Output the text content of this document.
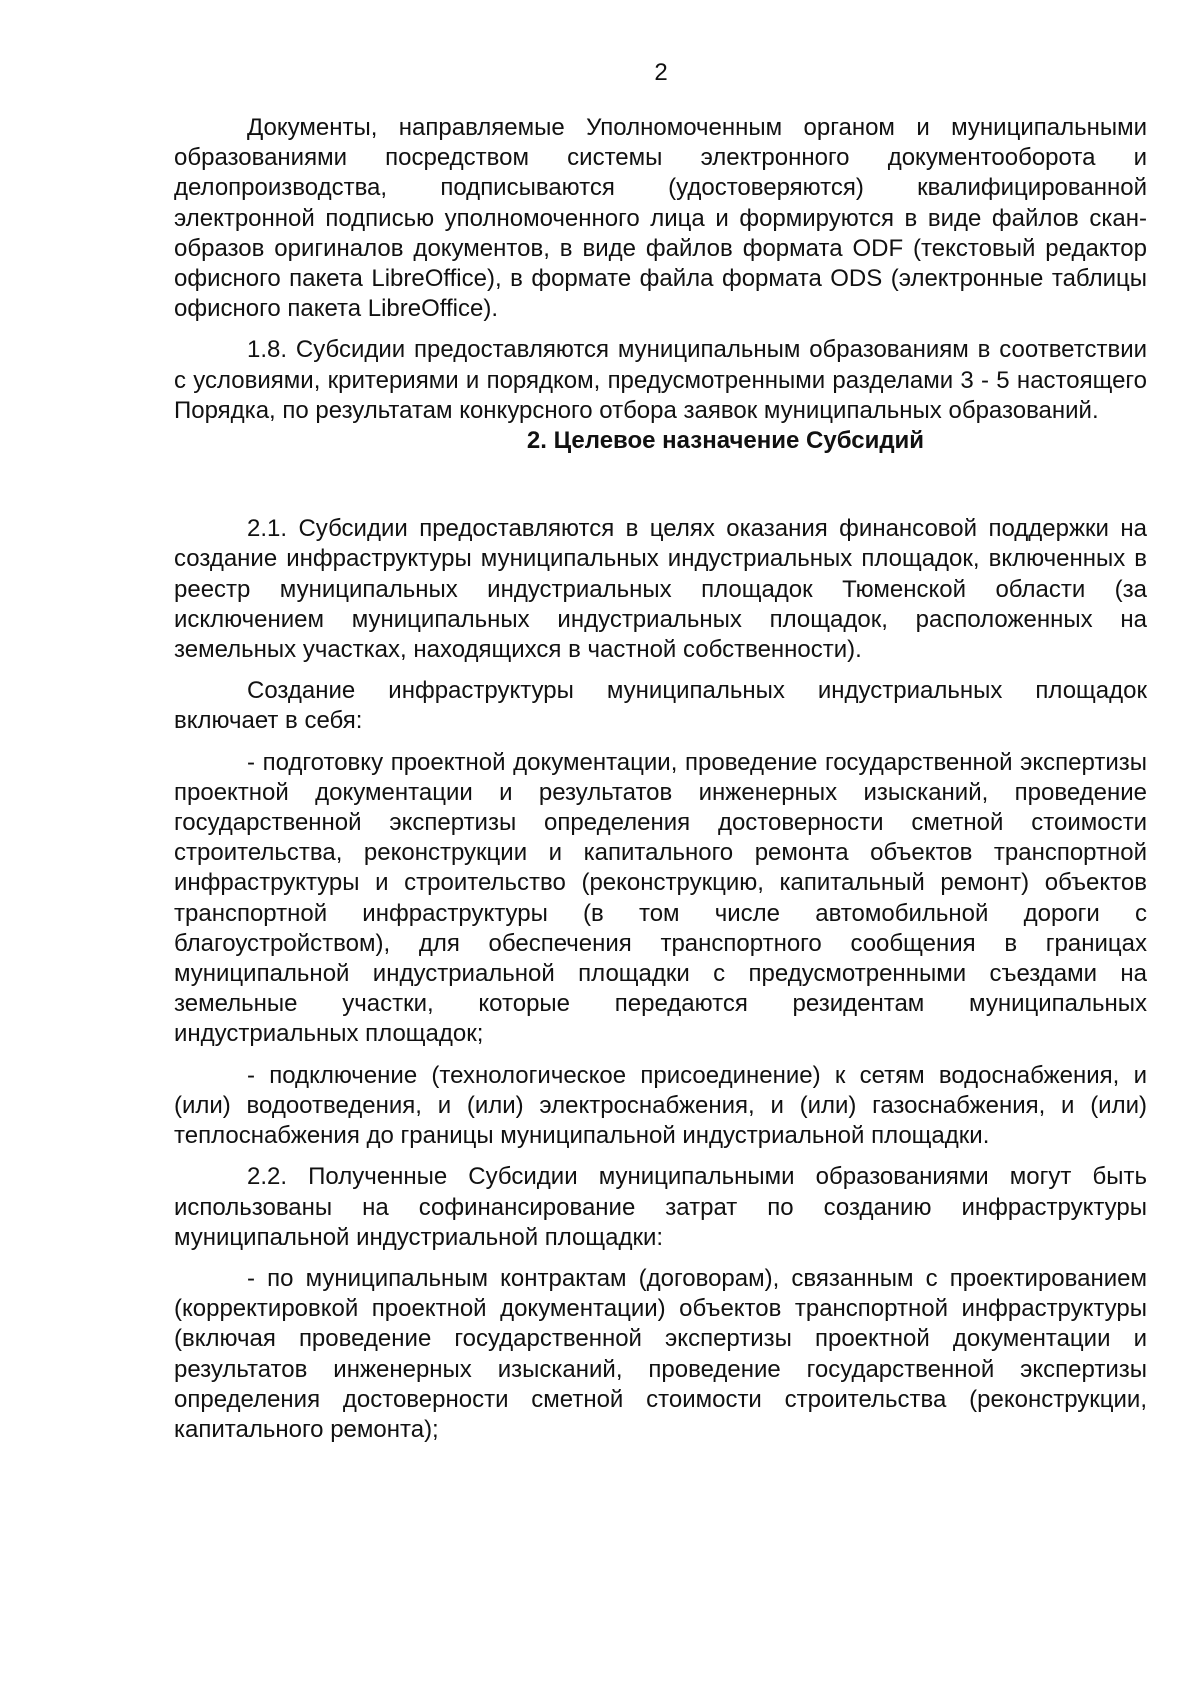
2

Документы, направляемые Уполномоченным органом и муниципальными образованиями посредством системы электронного документооборота и делопроизводства, подписываются (удостоверяются) квалифицированной электронной подписью уполномоченного лица и формируются в виде файлов скан-образов оригиналов документов, в виде файлов формата ODF (текстовый редактор офисного пакета LibreOffice), в формате файла формата ODS (электронные таблицы офисного пакета LibreOffice).

1.8. Субсидии предоставляются муниципальным образованиям в соответствии с условиями, критериями и порядком, предусмотренными разделами 3 - 5 настоящего Порядка, по результатам конкурсного отбора заявок муниципальных образований.

2. Целевое назначение Субсидий

2.1. Субсидии предоставляются в целях оказания финансовой поддержки на создание инфраструктуры муниципальных индустриальных площадок, включенных в реестр муниципальных индустриальных площадок Тюменской области (за исключением муниципальных индустриальных площадок, расположенных на земельных участках, находящихся в частной собственности).

Создание инфраструктуры муниципальных индустриальных площадок включает в себя:

- подготовку проектной документации, проведение государственной экспертизы проектной документации и результатов инженерных изысканий, проведение государственной экспертизы определения достоверности сметной стоимости строительства, реконструкции и капитального ремонта объектов транспортной инфраструктуры и строительство (реконструкцию, капитальный ремонт) объектов транспортной инфраструктуры (в том числе автомобильной дороги с благоустройством), для обеспечения транспортного сообщения в границах муниципальной индустриальной площадки с предусмотренными съездами на земельные участки, которые передаются резидентам муниципальных индустриальных площадок;

- подключение (технологическое присоединение) к сетям водоснабжения, и (или) водоотведения, и (или) электроснабжения, и (или) газоснабжения, и (или) теплоснабжения до границы муниципальной индустриальной площадки.

2.2. Полученные Субсидии муниципальными образованиями могут быть использованы на софинансирование затрат по созданию инфраструктуры муниципальной индустриальной площадки:

- по муниципальным контрактам (договорам), связанным с проектированием (корректировкой проектной документации) объектов транспортной инфраструктуры (включая проведение государственной экспертизы проектной документации и результатов инженерных изысканий, проведение государственной экспертизы определения достоверности сметной стоимости строительства (реконструкции, капитального ремонта);
